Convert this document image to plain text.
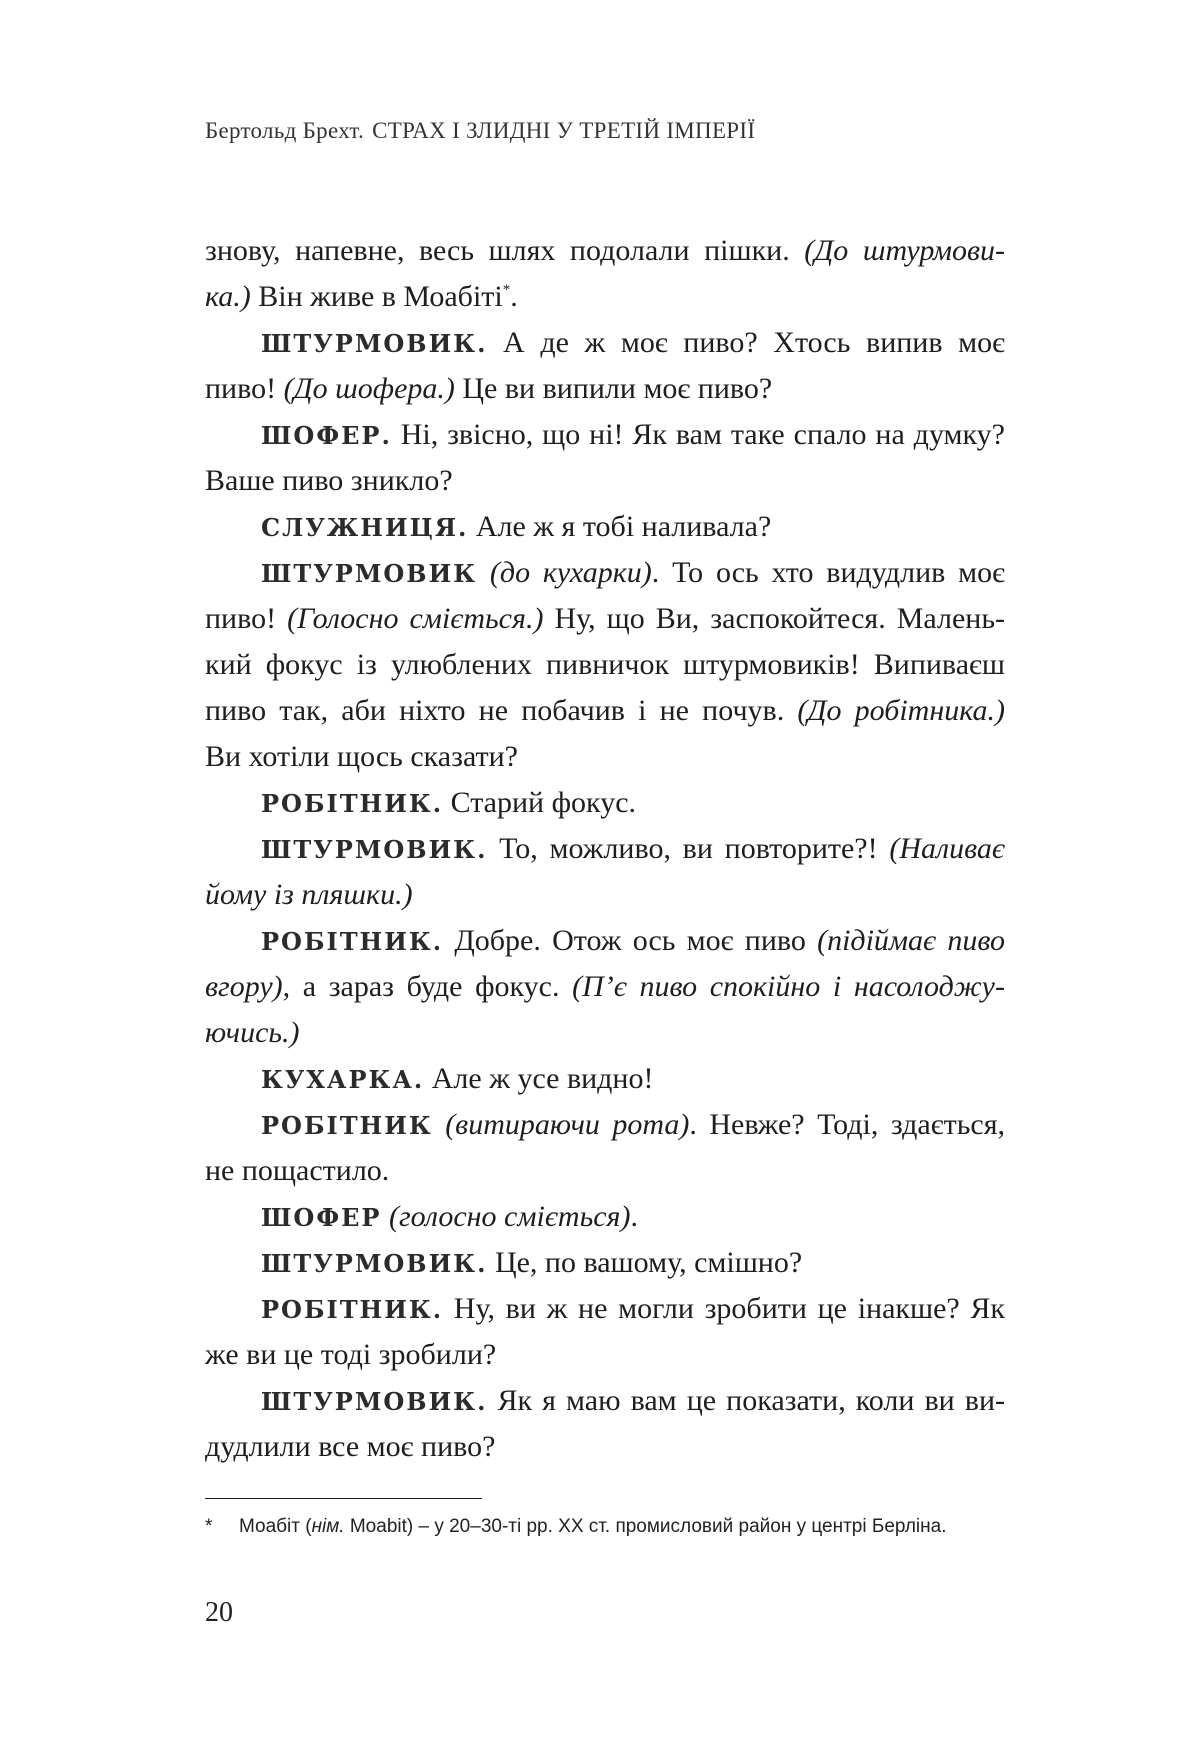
Бертольд Брехт. СТРАХ І ЗЛИДНІ У ТРЕТІЙ ІМПЕРІЇ
знову, напевне, весь шлях подолали пішки. (До штурмови-
ка.) Він живе в Моабіті*.
ШТУРМОВИК. А де ж моє пиво? Хтось випив моє
пиво! (До шофера.) Це ви випили моє пиво?
ШОФЕР. Ні, звісно, що ні! Як вам таке спало на думку?
Ваше пиво зникло?
СЛУЖНИЦЯ. Але ж я тобі наливала?
ШТУРМОВИК (до кухарки). То ось хто видудлив моє
пиво! (Голосно сміється.) Ну, що Ви, заспокойтеся. Малень-
кий фокус із улюблених пивничок штурмовиків! Випиваєш
пиво так, аби ніхто не побачив і не почув. (До робітника.)
Ви хотіли щось сказати?
РОБІТНИК. Старий фокус.
ШТУРМОВИК. То, можливо, ви повторите?! (Наливає
йому із пляшки.)
РОБІТНИК. Добре. Отож ось моє пиво (підіймає пиво
вгору), а зараз буде фокус. (П’є пиво спокійно і насолоджу-
ючись.)
КУХАРКА. Але ж усе видно!
РОБІТНИК (витираючи рота). Невже? Тоді, здається,
не пощастило.
ШОФЕР (голосно сміється).
ШТУРМОВИК. Це, по вашому, смішно?
РОБІТНИК. Ну, ви ж не могли зробити це інакше? Як
же ви це тоді зробили?
ШТУРМОВИК. Як я маю вам це показати, коли ви ви-
дудлили все моє пиво?
* Моабіт (нім. Moabit) – у 20–30-ті рр. XX ст. промисловий район у центрі Берліна.
20
